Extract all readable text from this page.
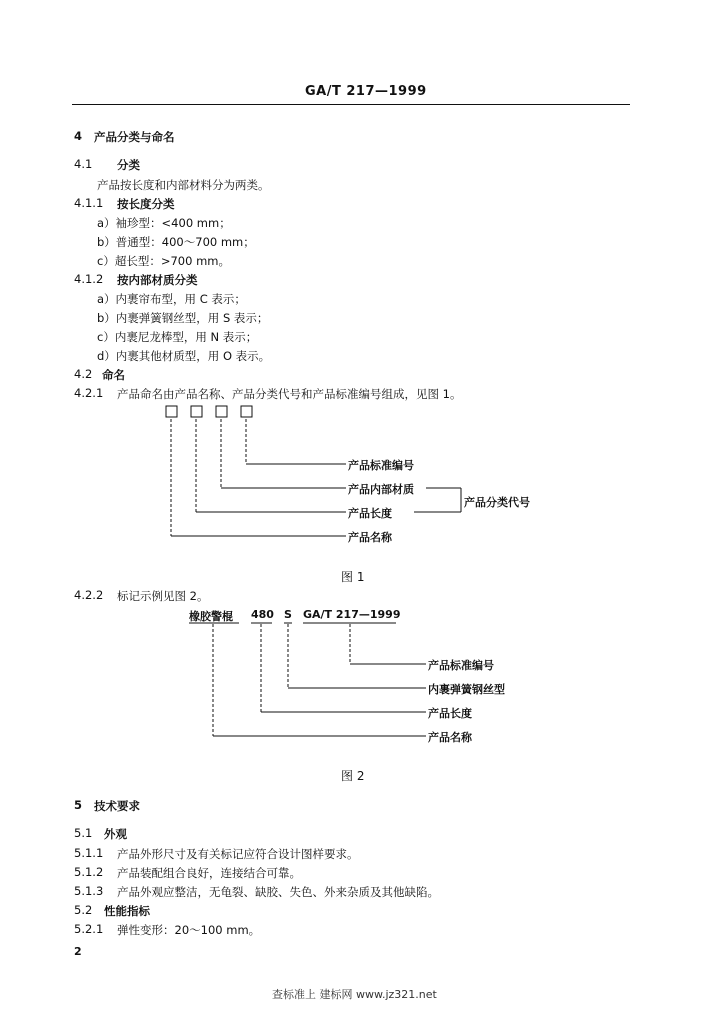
GA/T 217—1999
4 产品分类与命名
4.1 分类
产品按长度和内部材料分为两类。
4.1.1 按长度分类
a）袖珍型：<400 mm；
b）普通型：400～700 mm；
c）超长型：>700 mm。
4.1.2 按内部材质分类
a）内裹帘布型，用 C 表示；
b）内裹弹簧钢丝型，用 S 表示；
c）内裹尼龙棒型，用 N 表示；
d）内裹其他材质型，用 O 表示。
4.2 命名
4.2.1 产品命名由产品名称、产品分类代号和产品标准编号组成，见图 1。
产品标准编号
产品内部材质
产品长度
产品名称
产品分类代号
图 1
4.2.2 标记示例见图 2。
橡胶警棍 480 S GA/T 217—1999
产品标准编号
内裹弹簧钢丝型
产品长度
产品名称
图 2
5 技术要求
5.1 外观
5.1.1 产品外形尺寸及有关标记应符合设计图样要求。
5.1.2 产品装配组合良好，连接结合可靠。
5.1.3 产品外观应整洁，无龟裂、缺胶、失色、外来杂质及其他缺陷。
5.2 性能指标
5.2.1 弹性变形：20～100 mm。
2
查标准上 建标网 www.jz321.net
